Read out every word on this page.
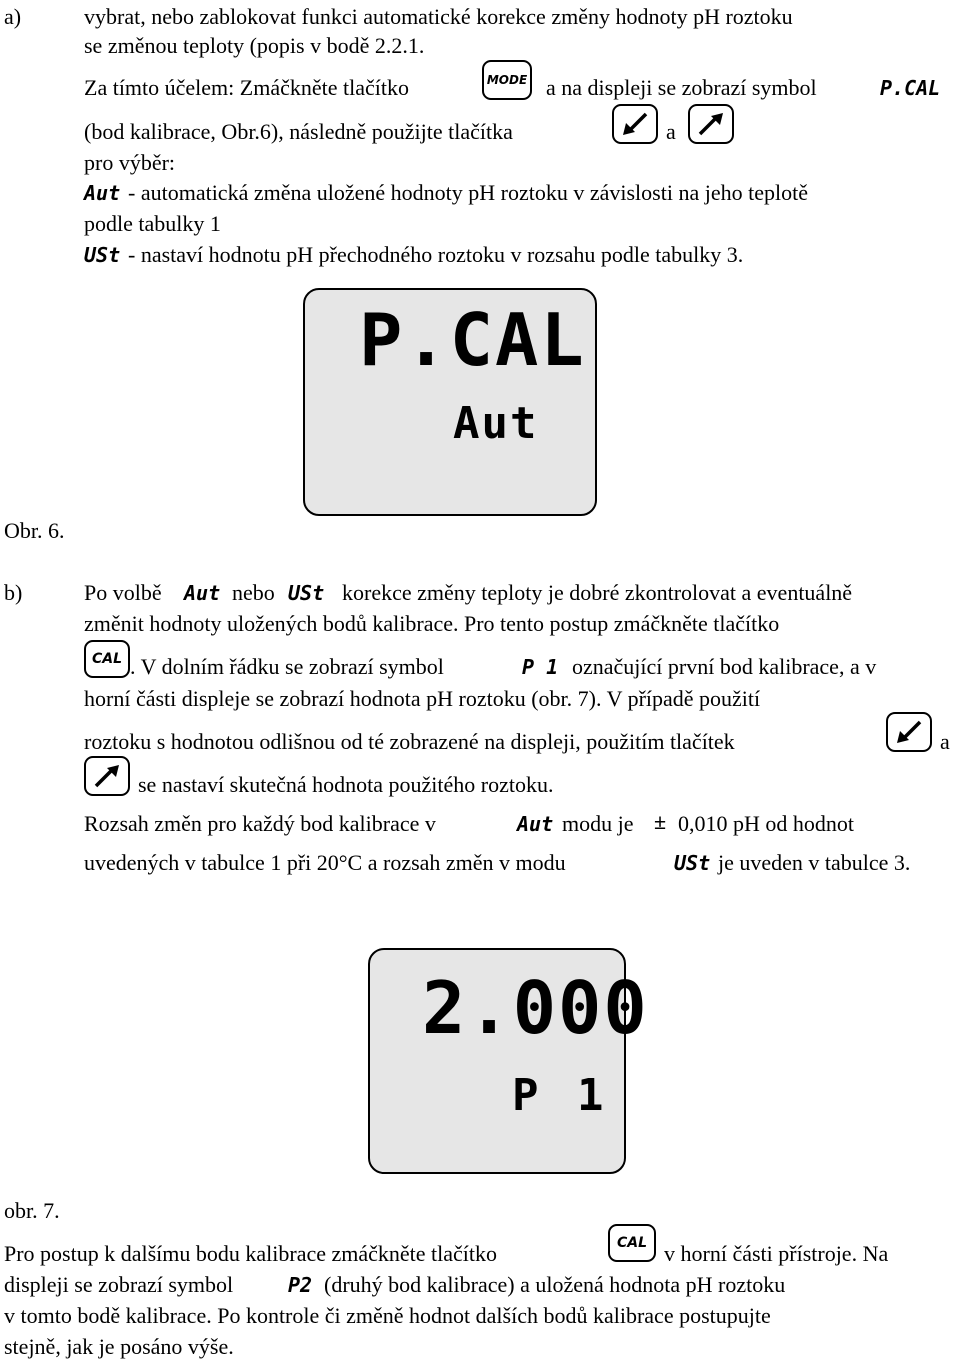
a)	vybrat, nebo zablokovat funkci automatické korekce změny hodnoty pH roztoku
se změnou teploty (popis v bodě 2.2.1.
Za tímto účelem: Zmáčkněte tlačítko	MODE a na displeji se zobrazí symbol	P.CAL
(bod kalibrace, Obr.6), následně použijte tlačítka	a
pro výběr:
Aut - automatická změna uložené hodnoty pH roztoku v závislosti na jeho teplotě
podle tabulky 1
USt - nastaví hodnotu pH přechodného roztoku v rozsahu podle tabulky 3.
P.CAL
Aut
Obr. 6.
b)	Po volbě Aut nebo USt korekce změny teploty je dobré zkontrolovat a eventuálně
změnit hodnoty uložených bodů kalibrace. Pro tento postup zmáčkněte tlačítko
CAL . V dolním řádku se zobrazí symbol	P 1 označující první bod kalibrace, a v
horní části displeje se zobrazí hodnota pH roztoku (obr. 7). V případě použití
roztoku s hodnotou odlišnou od té zobrazené na displeji, použitím tlačítek	a
se nastaví skutečná hodnota použitého roztoku.
Rozsah změn pro každý bod kalibrace v	Aut modu je ± 0,010 pH od hodnot
uvedených v tabulce 1 při 20°C a rozsah změn v modu	USt je uveden v tabulce 3.
2.000
P 1
obr. 7.
Pro postup k dalšímu bodu kalibrace zmáčkněte tlačítko	CAL v horní části přístroje. Na
displeji se zobrazí symbol	P2 (druhý bod kalibrace) a uložená hodnota pH roztoku
v tomto bodě kalibrace. Po kontrole či změně hodnot dalších bodů kalibrace postupujte
stejně, jak je posáno výše.
